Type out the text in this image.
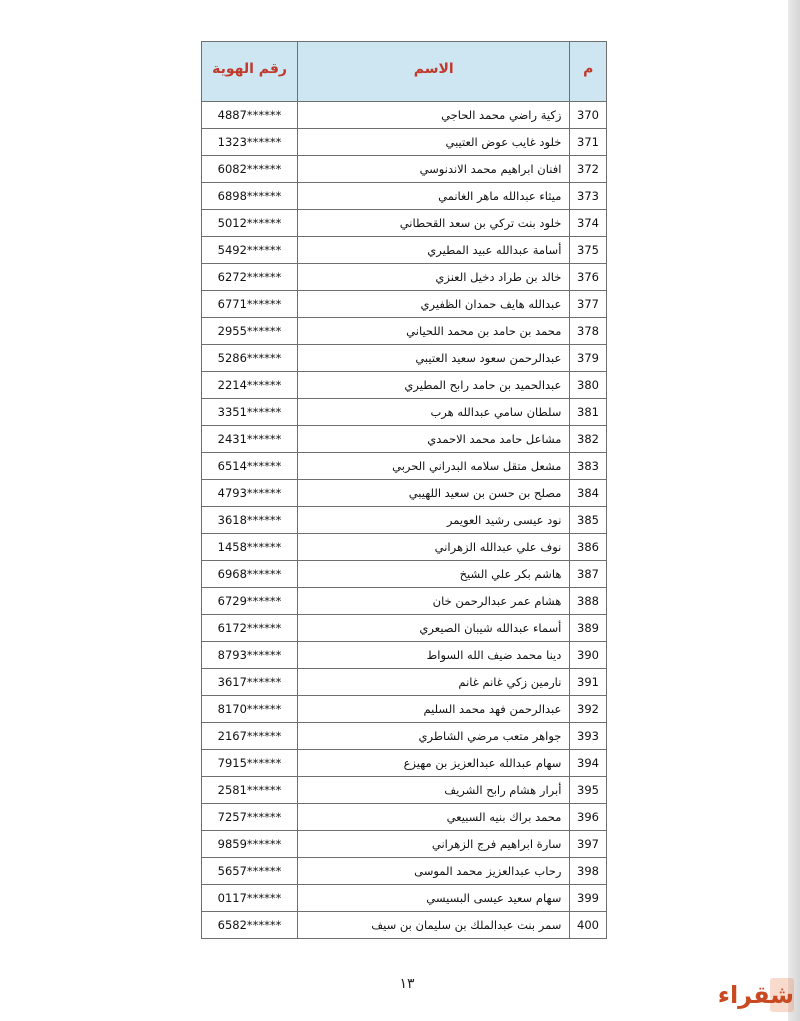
م	الاسم	رقم الهوية
370	زكية راضي محمد الحاجي	4887******
371	خلود غايب عوض العتيبي	1323******
372	افنان ابراهيم محمد الاندنوسي	6082******
373	ميثاء عبدالله ماهر الغانمي	6898******
374	خلود بنت تركي بن سعد القحطاني	5012******
375	أسامة عبدالله عبيد المطيري	5492******
376	خالد بن طراد دخيل العنزي	6272******
377	عبدالله هايف حمدان الظفيري	6771******
378	محمد بن حامد بن محمد اللحياني	2955******
379	عبدالرحمن سعود سعيد العتيبي	5286******
380	عبدالحميد بن حامد رابح المطيري	2214******
381	سلطان سامي عبدالله هرب	3351******
382	مشاعل حامد محمد الاحمدي	2431******
383	مشعل متقل سلامه البدراني الحربي	6514******
384	مصلح بن حسن بن سعيد اللهيبي	4793******
385	نود عيسى رشيد العويمر	3618******
386	نوف علي عبدالله الزهراني	1458******
387	هاشم بكر علي الشيخ	6968******
388	هشام عمر عبدالرحمن خان	6729******
389	أسماء عبدالله شيبان الصيعري	6172******
390	دينا محمد ضيف الله السواط	8793******
391	نارمين زكي غانم غانم	3617******
392	عبدالرحمن فهد محمد السليم	8170******
393	جواهر متعب مرضي الشاطري	2167******
394	سهام عبدالله عبدالعزيز بن مهيزع	7915******
395	أبرار هشام رابح الشريف	2581******
396	محمد براك بنيه السبيعي	7257******
397	سارة ابراهيم فرج الزهراني	9859******
398	رحاب عبدالعزيز محمد الموسى	5657******
399	سهام سعيد عيسى البسيسي	0117******
400	سمر بنت عبدالملك بن سليمان بن سيف	6582******
١٣	شقراء
